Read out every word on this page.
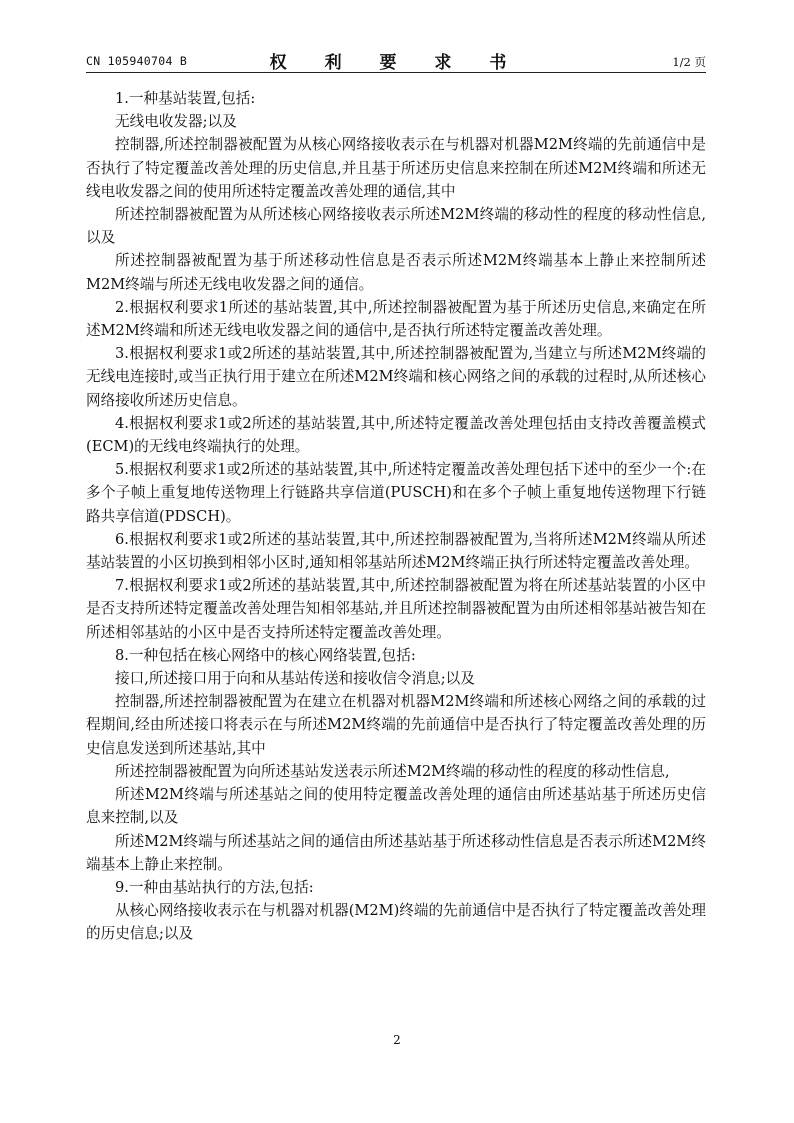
CN 105940704 B	权 利 要 求 书	1/2 页

1.一种基站装置,包括:

无线电收发器;以及

控制器,所述控制器被配置为从核心网络接收表示在与机器对机器M2M终端的先前通信中是否执行了特定覆盖改善处理的历史信息,并且基于所述历史信息来控制在所述M2M终端和所述无线电收发器之间的使用所述特定覆盖改善处理的通信,其中

所述控制器被配置为从所述核心网络接收表示所述M2M终端的移动性的程度的移动性信息,以及

所述控制器被配置为基于所述移动性信息是否表示所述M2M终端基本上静止来控制所述M2M终端与所述无线电收发器之间的通信。

2.根据权利要求1所述的基站装置,其中,所述控制器被配置为基于所述历史信息,来确定在所述M2M终端和所述无线电收发器之间的通信中,是否执行所述特定覆盖改善处理。

3.根据权利要求1或2所述的基站装置,其中,所述控制器被配置为,当建立与所述M2M终端的无线电连接时,或当正执行用于建立在所述M2M终端和核心网络之间的承载的过程时,从所述核心网络接收所述历史信息。

4.根据权利要求1或2所述的基站装置,其中,所述特定覆盖改善处理包括由支持改善覆盖模式(ECM)的无线电终端执行的处理。

5.根据权利要求1或2所述的基站装置,其中,所述特定覆盖改善处理包括下述中的至少一个:在多个子帧上重复地传送物理上行链路共享信道(PUSCH)和在多个子帧上重复地传送物理下行链路共享信道(PDSCH)。

6.根据权利要求1或2所述的基站装置,其中,所述控制器被配置为,当将所述M2M终端从所述基站装置的小区切换到相邻小区时,通知相邻基站所述M2M终端正执行所述特定覆盖改善处理。

7.根据权利要求1或2所述的基站装置,其中,所述控制器被配置为将在所述基站装置的小区中是否支持所述特定覆盖改善处理告知相邻基站,并且所述控制器被配置为由所述相邻基站被告知在所述相邻基站的小区中是否支持所述特定覆盖改善处理。

8.一种包括在核心网络中的核心网络装置,包括:

接口,所述接口用于向和从基站传送和接收信令消息;以及

控制器,所述控制器被配置为在建立在机器对机器M2M终端和所述核心网络之间的承载的过程期间,经由所述接口将表示在与所述M2M终端的先前通信中是否执行了特定覆盖改善处理的历史信息发送到所述基站,其中

所述控制器被配置为向所述基站发送表示所述M2M终端的移动性的程度的移动性信息,

所述M2M终端与所述基站之间的使用特定覆盖改善处理的通信由所述基站基于所述历史信息来控制,以及

所述M2M终端与所述基站之间的通信由所述基站基于所述移动性信息是否表示所述M2M终端基本上静止来控制。

9.一种由基站执行的方法,包括:

从核心网络接收表示在与机器对机器(M2M)终端的先前通信中是否执行了特定覆盖改善处理的历史信息;以及

2
